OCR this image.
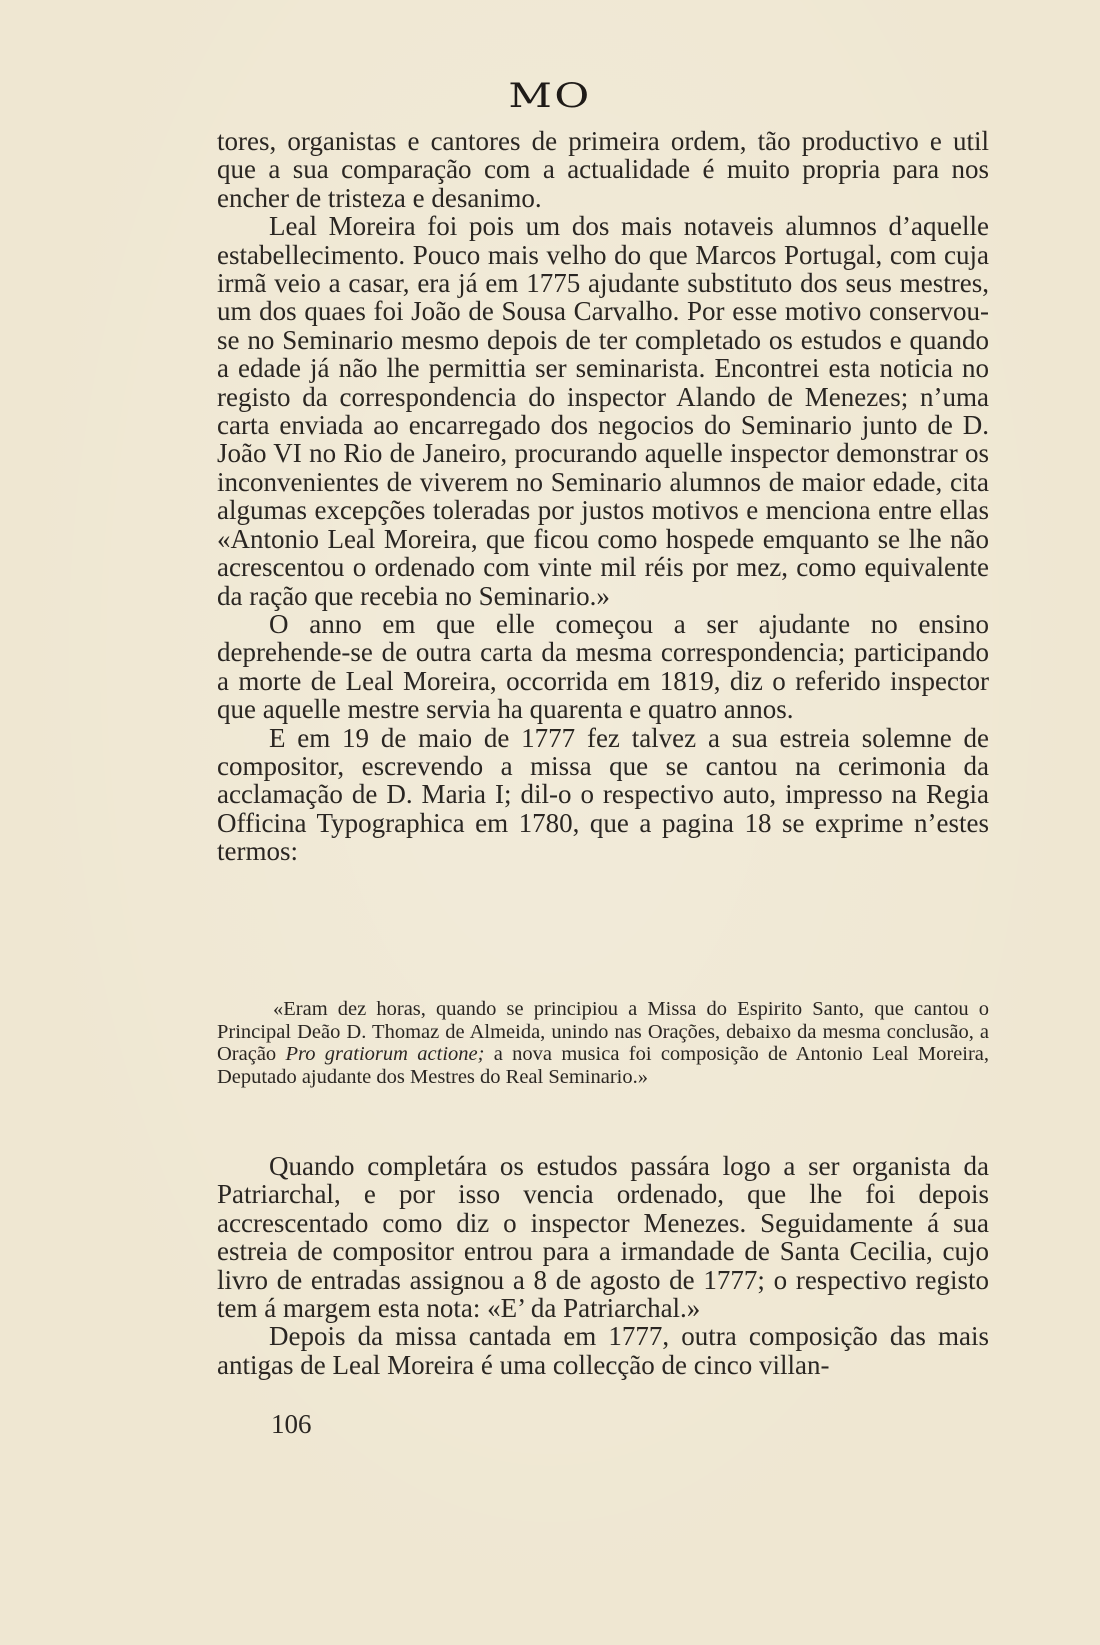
MO

tores, organistas e cantores de primeira ordem, tão productivo e util que a sua comparação com a actualidade é muito propria para nos encher de tristeza e desanimo.

Leal Moreira foi pois um dos mais notaveis alumnos d’aquelle estabellecimento. Pouco mais velho do que Marcos Portugal, com cuja irmã veio a casar, era já em 1775 ajudante substituto dos seus mestres, um dos quaes foi João de Sousa Carvalho. Por esse motivo conservou-se no Seminario mesmo depois de ter completado os estudos e quando a edade já não lhe permittia ser seminarista. Encontrei esta noticia no registo da correspondencia do inspector Alando de Menezes; n’uma carta enviada ao encarregado dos negocios do Seminario junto de D. João VI no Rio de Janeiro, procurando aquelle inspector demonstrar os inconvenientes de viverem no Seminario alumnos de maior edade, cita algumas excepções toleradas por justos motivos e menciona entre ellas «Antonio Leal Moreira, que ficou como hospede emquanto se lhe não acrescentou o ordenado com vinte mil réis por mez, como equivalente da ração que recebia no Seminario.»

O anno em que elle começou a ser ajudante no ensino deprehende-se de outra carta da mesma correspondencia; participando a morte de Leal Moreira, occorrida em 1819, diz o referido inspector que aquelle mestre servia ha quarenta e quatro annos.

E em 19 de maio de 1777 fez talvez a sua estreia solemne de compositor, escrevendo a missa que se cantou na cerimonia da acclamação de D. Maria I; dil-o o respectivo auto, impresso na Regia Officina Typographica em 1780, que a pagina 18 se exprime n’estes termos:

«Eram dez horas, quando se principiou a Missa do Espirito Santo, que cantou o Principal Deão D. Thomaz de Almeida, unindo nas Orações, debaixo da mesma conclusão, a Oração Pro gratiorum actione; a nova musica foi composição de Antonio Leal Moreira, Deputado ajudante dos Mestres do Real Seminario.»

Quando completára os estudos passára logo a ser organista da Patriarchal, e por isso vencia ordenado, que lhe foi depois accrescentado como diz o inspector Menezes. Seguidamente á sua estreia de compositor entrou para a irmandade de Santa Cecilia, cujo livro de entradas assignou a 8 de agosto de 1777; o respectivo registo tem á margem esta nota: «E’ da Patriarchal.»

Depois da missa cantada em 1777, outra composição das mais antigas de Leal Moreira é uma collecção de cinco villan-

106
